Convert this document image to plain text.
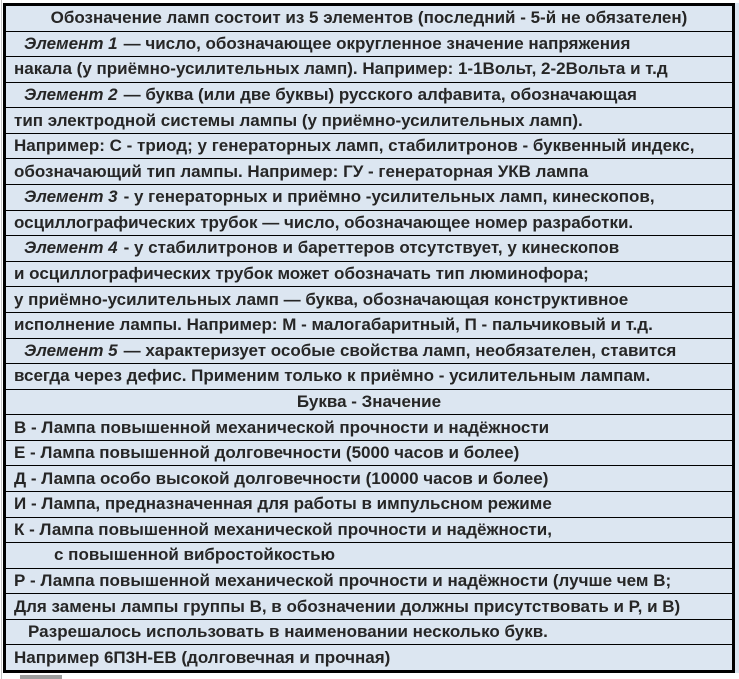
Обозначение ламп состоит из 5 элементов (последний - 5-й не обязателен)
Элемент 1 — число, обозначающее округленное значение напряжения
накала (у приёмно-усилительных ламп). Например: 1-1Вольт, 2-2Вольта и т.д
Элемент 2 — буква (или две буквы) русского алфавита, обозначающая
тип электродной системы лампы (у приёмно-усилительных ламп).
Например: С - триод; у генераторных ламп, стабилитронов - буквенный индекс,
обозначающий тип лампы. Например: ГУ - генераторная УКВ лампа
Элемент 3 - у генераторных и приёмно -усилительных ламп, кинескопов,
осциллографических трубок — число, обозначающее номер разработки.
Элемент 4 - у стабилитронов и бареттеров отсутствует, у кинескопов
и осциллографических трубок может обозначать тип люминофора;
у приёмно-усилительных ламп — буква, обозначающая конструктивное
исполнение лампы. Например: М - малогабаритный, П - пальчиковый и т.д.
Элемент 5 — характеризует особые свойства ламп, необязателен, ставится
всегда через дефис. Применим только к приёмно - усилительным лампам.
Буква - Значение
В - Лампа повышенной механической прочности и надёжности
Е - Лампа повышенной долговечности (5000 часов и более)
Д - Лампа особо высокой долговечности (10000 часов и более)
И - Лампа, предназначенная для работы в импульсном режиме
К - Лампа повышенной механической прочности и надёжности,
с повышенной вибростойкостью
Р - Лампа повышенной механической прочности и надёжности (лучше чем В;
Для замены лампы группы В, в обозначении должны присутствовать и Р, и В)
Разрешалось использовать в наименовании несколько букв.
Например 6П3Н-ЕВ (долговечная и прочная)
